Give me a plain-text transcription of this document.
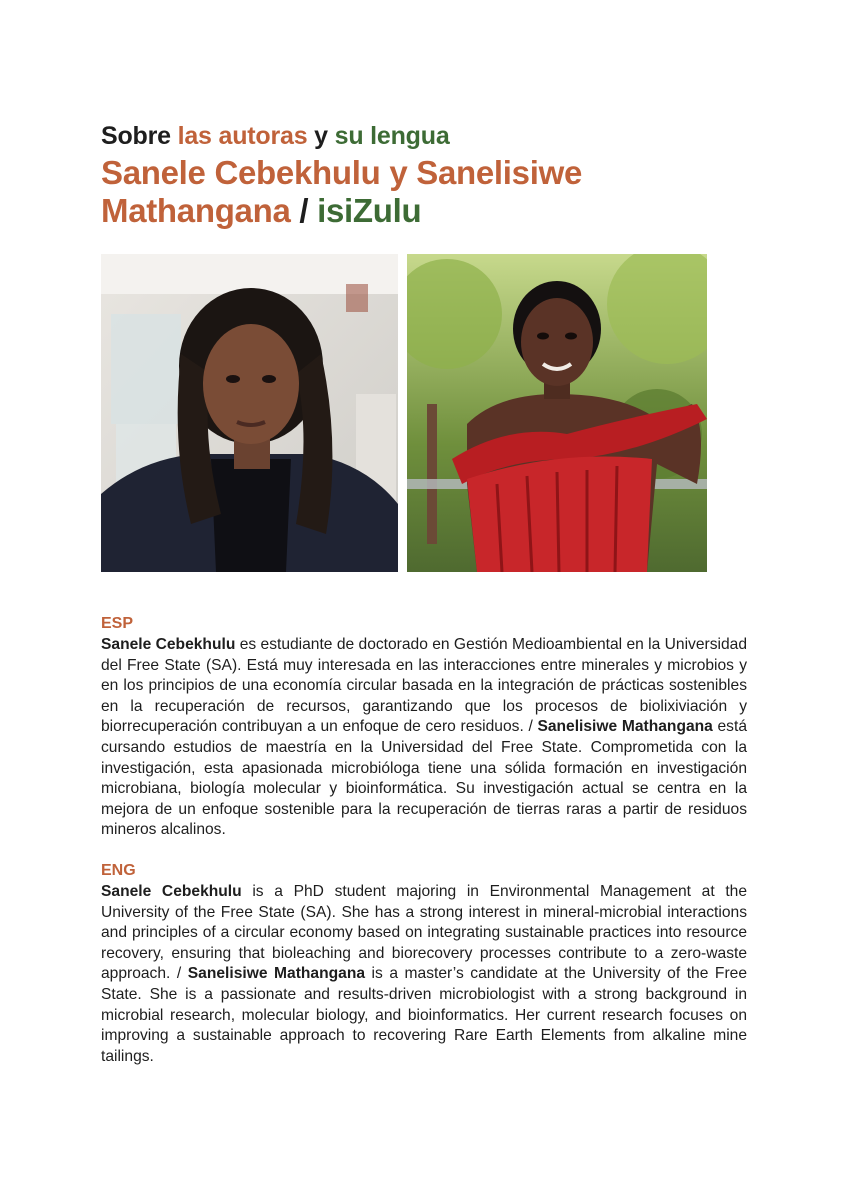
Sobre las autoras y su lengua
Sanele Cebekhulu y Sanelisiwe
Mathangana / isiZulu
ESP

Sanele Cebekhulu es estudiante de doctorado en Gestión Medioambiental en la Universidad del Free State (SA). Está muy interesada en las interacciones entre minerales y microbios y en los principios de una economía circular basada en la integración de prácticas sostenibles en la recuperación de recursos, garantizando que los procesos de biolixiviación y biorrecuperación contribuyan a un enfoque de cero residuos. / Sanelisiwe Mathangana está cursando estudios de maestría en la Universidad del Free State. Comprometida con la investigación, esta apasionada microbióloga tiene una sólida formación en investigación microbiana, biología molecular y bioinformática. Su investigación actual se centra en la mejora de un enfoque sostenible para la recuperación de tierras raras a partir de residuos mineros alcalinos.

ENG

Sanele Cebekhulu is a PhD student majoring in Environmental Management at the University of the Free State (SA). She has a strong interest in mineral-microbial interactions and principles of a circular economy based on integrating sustainable practices into resource recovery, ensuring that bioleaching and biorecovery processes contribute to a zero-waste approach. / Sanelisiwe Mathangana is a master’s candidate at the University of the Free State. She is a passionate and results-driven microbiologist with a strong background in microbial research, molecular biology, and bioinformatics. Her current research focuses on improving a sustainable approach to recovering Rare Earth Elements from alkaline mine tailings.
